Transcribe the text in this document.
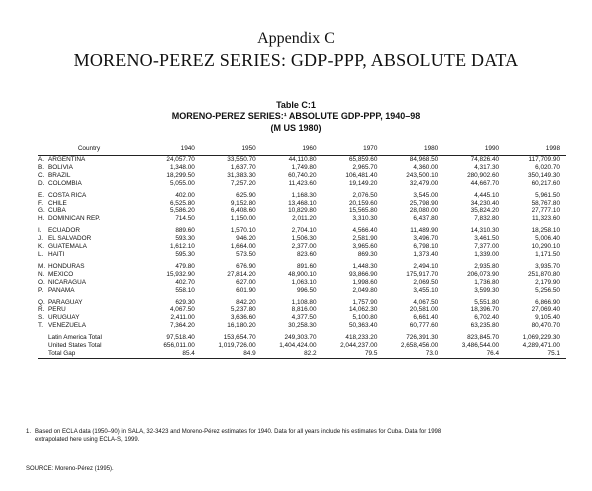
Appendix C
MORENO-PEREZ SERIES: GDP-PPP, ABSOLUTE DATA
Table C:1
MORENO-PEREZ SERIES:¹ ABSOLUTE GDP-PPP, 1940–98
(M US 1980)
Country		1940	1950	1960	1970	1980	1990	1998
A.	ARGENTINA	24,057.70	33,550.70	44,110.80	65,859.60	84,968.50	74,826.40	117,709.90
B.	BOLIVIA	1,348.00	1,637.70	1,749.80	2,965.70	4,360.00	4,317.30	6,020.70
C.	BRAZIL	18,299.50	31,383.30	60,740.20	106,481.40	243,500.10	280,902.60	350,149.30
D.	COLOMBIA	5,055.00	7,257.20	11,423.60	19,149.20	32,479.00	44,667.70	60,217.60
E.	COSTA RICA	402.00	625.90	1,168.30	2,076.50	3,545.00	4,445.10	5,961.50
F.	CHILE	6,525.80	9,152.80	13,468.10	20,159.60	25,798.90	34,230.40	58,767.80
G.	CUBA	5,586.20	6,408.60	10,829.80	15,565.80	28,080.00	35,824.20	27,777.10
H.	DOMINICAN REP.	714.50	1,150.00	2,011.20	3,310.30	6,437.80	7,832.80	11,323.60
I.	ECUADOR	889.60	1,570.10	2,704.10	4,566.40	11,489.90	14,310.30	18,258.10
J.	EL SALVADOR	593.30	946.20	1,506.30	2,581.90	3,496.70	3,461.50	5,006.40
K.	GUATEMALA	1,612.10	1,664.00	2,377.00	3,965.60	6,798.10	7,377.00	10,290.10
L.	HAITI	595.30	573.50	823.60	869.30	1,373.40	1,339.00	1,171.50
M.	HONDURAS	479.80	676.90	891.60	1,448.30	2,494.10	2,935.80	3,935.70
N.	MEXICO	15,932.90	27,814.20	48,900.10	93,866.90	175,917.70	206,073.90	251,870.80
O.	NICARAGUA	402.70	627.00	1,063.10	1,998.60	2,069.50	1,736.80	2,179.90
P.	PANAMA	558.10	601.90	996.50	2,049.80	3,455.10	3,599.30	5,256.50
Q.	PARAGUAY	629.30	842.20	1,108.80	1,757.90	4,067.50	5,551.80	6,866.90
R.	PERU	4,067.50	5,237.80	8,816.00	14,062.30	20,581.00	18,396.70	27,069.40
S.	URUGUAY	2,411.00	3,636.60	4,377.50	5,100.80	6,661.40	6,702.40	9,105.40
T.	VENEZUELA	7,364.20	16,180.20	30,258.30	50,363.40	60,777.60	63,235.80	80,470.70
	Latin America Total	97,518.40	153,654.70	249,303.70	418,233.20	726,391.30	823,845.70	1,069,229.30
	United States Total	656,011.00	1,019,726.00	1,404,424.00	2,044,237.00	2,658,456.00	3,486,544.00	4,289,471.00
	Total Gap	85.4	84.9	82.2	79.5	73.0	76.4	75.1
1. Based on ECLA data (1950–90) in SALA, 32-3423 and Moreno-Pérez estimates for 1940. Data for all years include his estimates for Cuba. Data for 1998 extrapolated here using ECLA-S, 1999.
SOURCE: Moreno-Pérez (1995).
